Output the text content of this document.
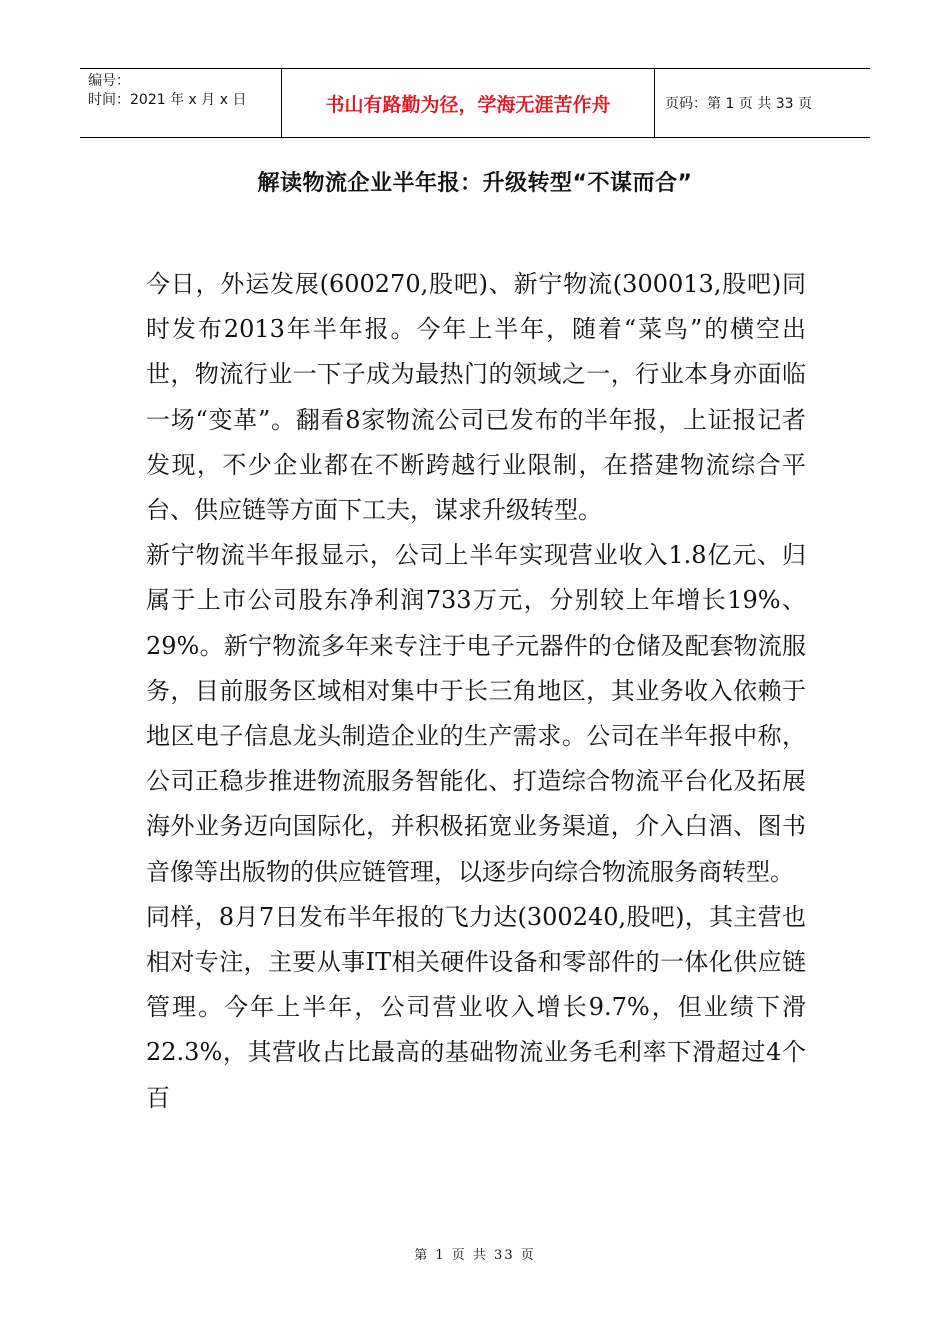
编号：
时间：2021 年 x 月 x 日	书山有路勤为径，学海无涯苦作舟	页码：第 1 页 共 33 页
解读物流企业半年报：升级转型“不谋而合”

今日，外运发展(600270,股吧)、新宁物流(300013,股吧)同时发布2013年半年报。今年上半年，随着“菜鸟”的横空出世，物流行业一下子成为最热门的领域之一，行业本身亦面临一场“变革”。翻看8家物流公司已发布的半年报，上证报记者发现，不少企业都在不断跨越行业限制，在搭建物流综合平台、供应链等方面下工夫，谋求升级转型。

新宁物流半年报显示，公司上半年实现营业收入1.8亿元、归属于上市公司股东净利润733万元，分别较上年增长19%、29%。新宁物流多年来专注于电子元器件的仓储及配套物流服务，目前服务区域相对集中于长三角地区，其业务收入依赖于地区电子信息龙头制造企业的生产需求。公司在半年报中称，公司正稳步推进物流服务智能化、打造综合物流平台化及拓展海外业务迈向国际化，并积极拓宽业务渠道，介入白酒、图书音像等出版物的供应链管理，以逐步向综合物流服务商转型。

同样，8月7日发布半年报的飞力达(300240,股吧)，其主营也相对专注，主要从事IT相关硬件设备和零部件的一体化供应链管理。今年上半年，公司营业收入增长9.7%，但业绩下滑22.3%，其营收占比最高的基础物流业务毛利率下滑超过4个百

第 1 页 共 33 页
